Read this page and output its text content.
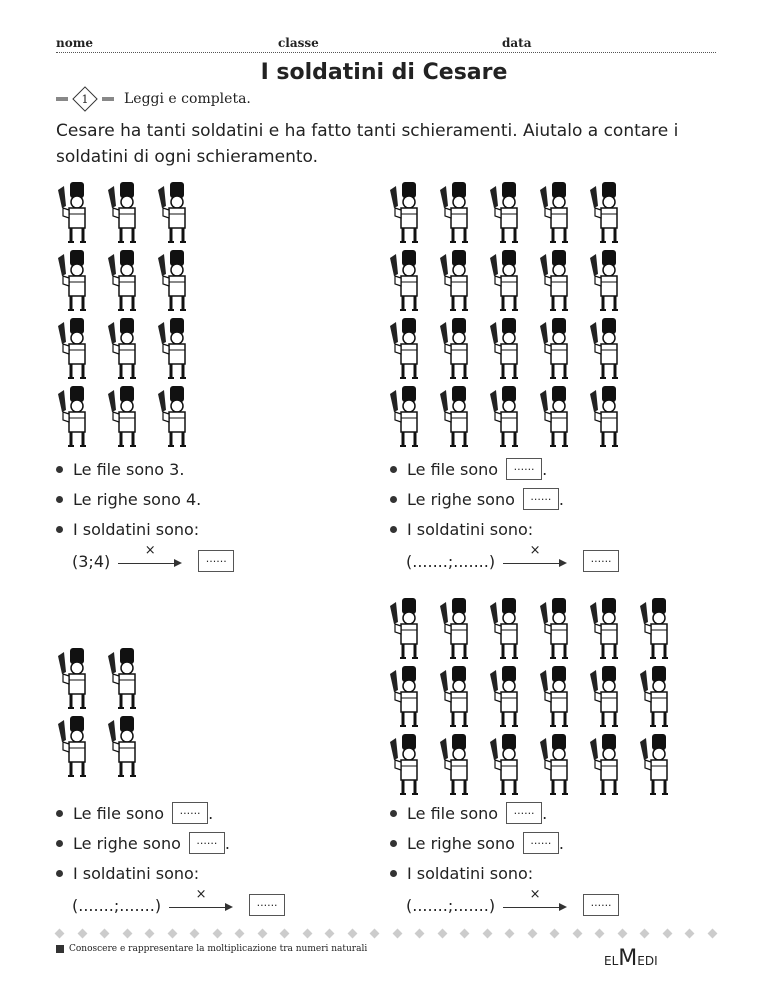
nome	classe	data
I soldatini di Cesare
1	Leggi e completa.
Cesare ha tanti soldatini e ha fatto tanti schieramenti. Aiutalo a contare i soldatini di ogni schieramento.
Le file sono
3.
Le righe sono
4.
I soldatini sono:
(3;4)
×
......
Le file sono	...... .
Le righe sono	...... .
I soldatini sono:
(.......;.......)
×
......
Le file sono	...... .
Le righe sono	...... .
I soldatini sono:
(.......;.......)
×
......
Le file sono	...... .
Le righe sono	...... .
I soldatini sono:
(.......;.......)
×
......
Conoscere e rappresentare la moltiplicazione tra numeri naturali
ELMEDI
